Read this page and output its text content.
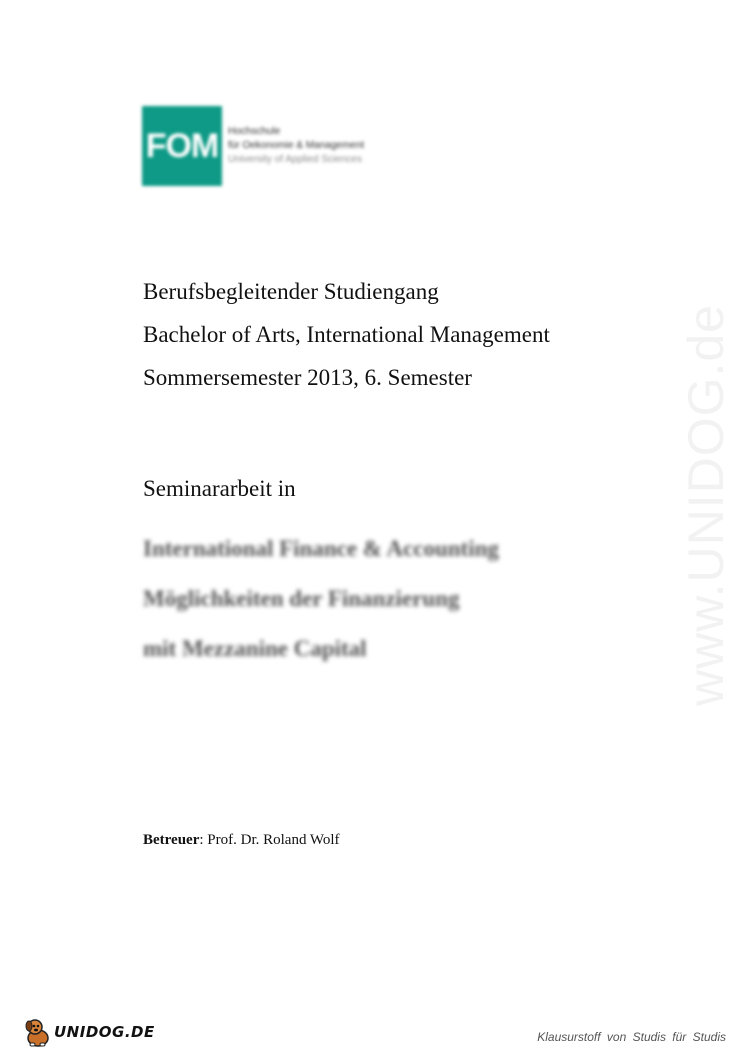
FOM Hochschule
für Oekonomie & Management
University of Applied Sciences
Berufsbegleitender Studiengang
Bachelor of Arts, International Management
Sommersemester 2013, 6. Semester
Seminararbeit in
International Finance & Accounting
Möglichkeiten der Finanzierung
mit Mezzanine Capital
Betreuer: Prof. Dr. Roland Wolf
www.UNIDOG.de
UNIDOG.DE	Klausurstoff von Studis für Studis
